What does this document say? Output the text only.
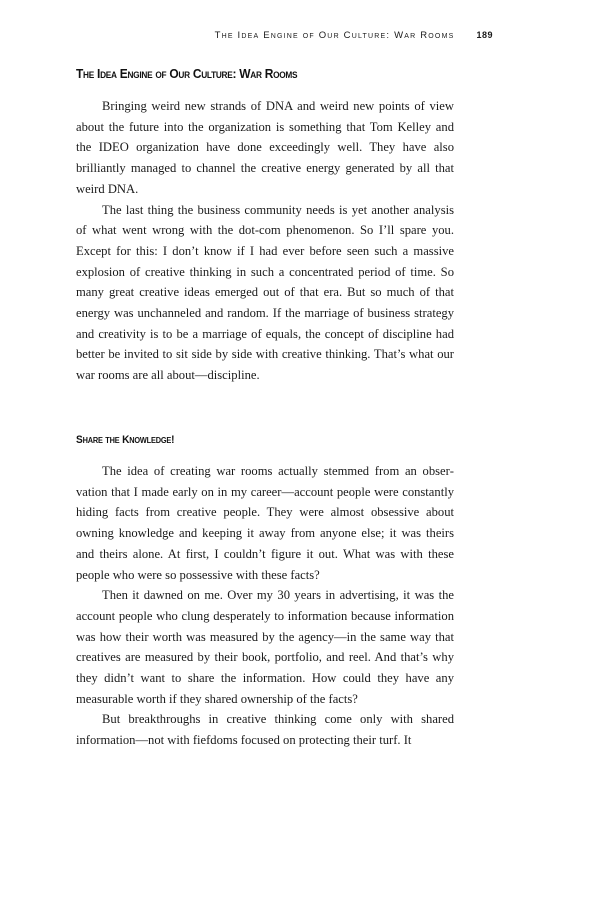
The Idea Engine of Our Culture: War Rooms 189
The Idea Engine of Our Culture: War Rooms

Bringing weird new strands of DNA and weird new points of view about the future into the organization is something that Tom Kelley and the IDEO organization have done exceedingly well. They have also brilliantly managed to channel the creative energy generated by all that weird DNA.

The last thing the business community needs is yet another analysis of what went wrong with the dot-com phenomenon. So I’ll spare you. Except for this: I don’t know if I had ever before seen such a massive explosion of creative thinking in such a concentrated period of time. So many great creative ideas emerged out of that era. But so much of that energy was unchanneled and random. If the marriage of business strategy and creativity is to be a marriage of equals, the concept of discipline had better be invited to sit side by side with creative thinking. That’s what our war rooms are all about—discipline.

Share the Knowledge!

The idea of creating war rooms actually stemmed from an observation that I made early on in my career—account people were constantly hiding facts from creative people. They were almost obsessive about owning knowledge and keeping it away from anyone else; it was theirs and theirs alone. At first, I couldn’t figure it out. What was with these people who were so possessive with these facts?

Then it dawned on me. Over my 30 years in advertising, it was the account people who clung desperately to information because information was how their worth was measured by the agency—in the same way that creatives are measured by their book, portfolio, and reel. And that’s why they didn’t want to share the information. How could they have any measurable worth if they shared ownership of the facts?

But breakthroughs in creative thinking come only with shared information—not with fiefdoms focused on protecting their turf. It
